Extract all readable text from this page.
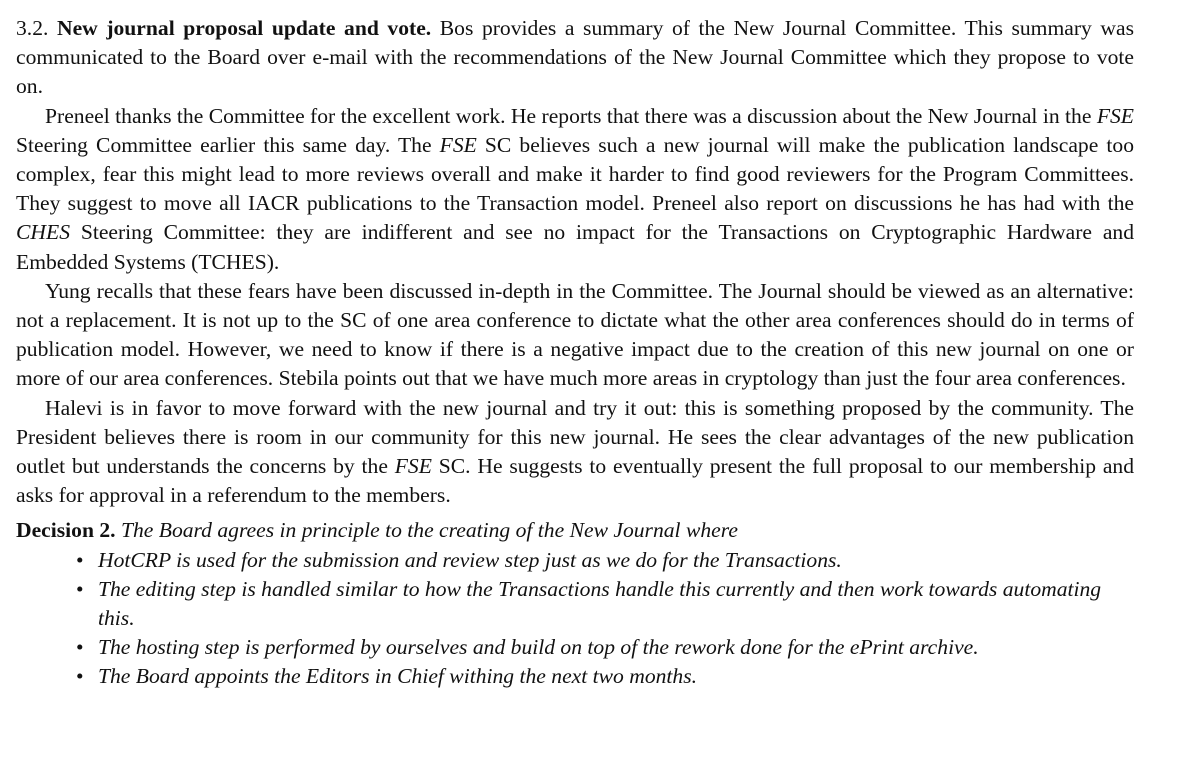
3.2. New journal proposal update and vote. Bos provides a summary of the New Journal Committee. This summary was communicated to the Board over e-mail with the recommendations of the New Journal Committee which they propose to vote on.

Preneel thanks the Committee for the excellent work. He reports that there was a discussion about the New Journal in the FSE Steering Committee earlier this same day. The FSE SC believes such a new journal will make the publication landscape too complex, fear this might lead to more reviews overall and make it harder to find good reviewers for the Program Committees. They suggest to move all IACR publications to the Transaction model. Preneel also report on discussions he has had with the CHES Steering Committee: they are indifferent and see no impact for the Transactions on Cryptographic Hardware and Embedded Systems (TCHES).

Yung recalls that these fears have been discussed in-depth in the Committee. The Journal should be viewed as an alternative: not a replacement. It is not up to the SC of one area conference to dictate what the other area conferences should do in terms of publication model. However, we need to know if there is a negative impact due to the creation of this new journal on one or more of our area conferences. Stebila points out that we have much more areas in cryptology than just the four area conferences.

Halevi is in favor to move forward with the new journal and try it out: this is something proposed by the community. The President believes there is room in our community for this new journal. He sees the clear advantages of the new publication outlet but understands the concerns by the FSE SC. He suggests to eventually present the full proposal to our membership and asks for approval in a referendum to the members.

Decision 2. The Board agrees in principle to the creating of the New Journal where

• HotCRP is used for the submission and review step just as we do for the Transactions.
• The editing step is handled similar to how the Transactions handle this currently and then work towards automating this.
• The hosting step is performed by ourselves and build on top of the rework done for the ePrint archive.
• The Board appoints the Editors in Chief withing the next two months.
